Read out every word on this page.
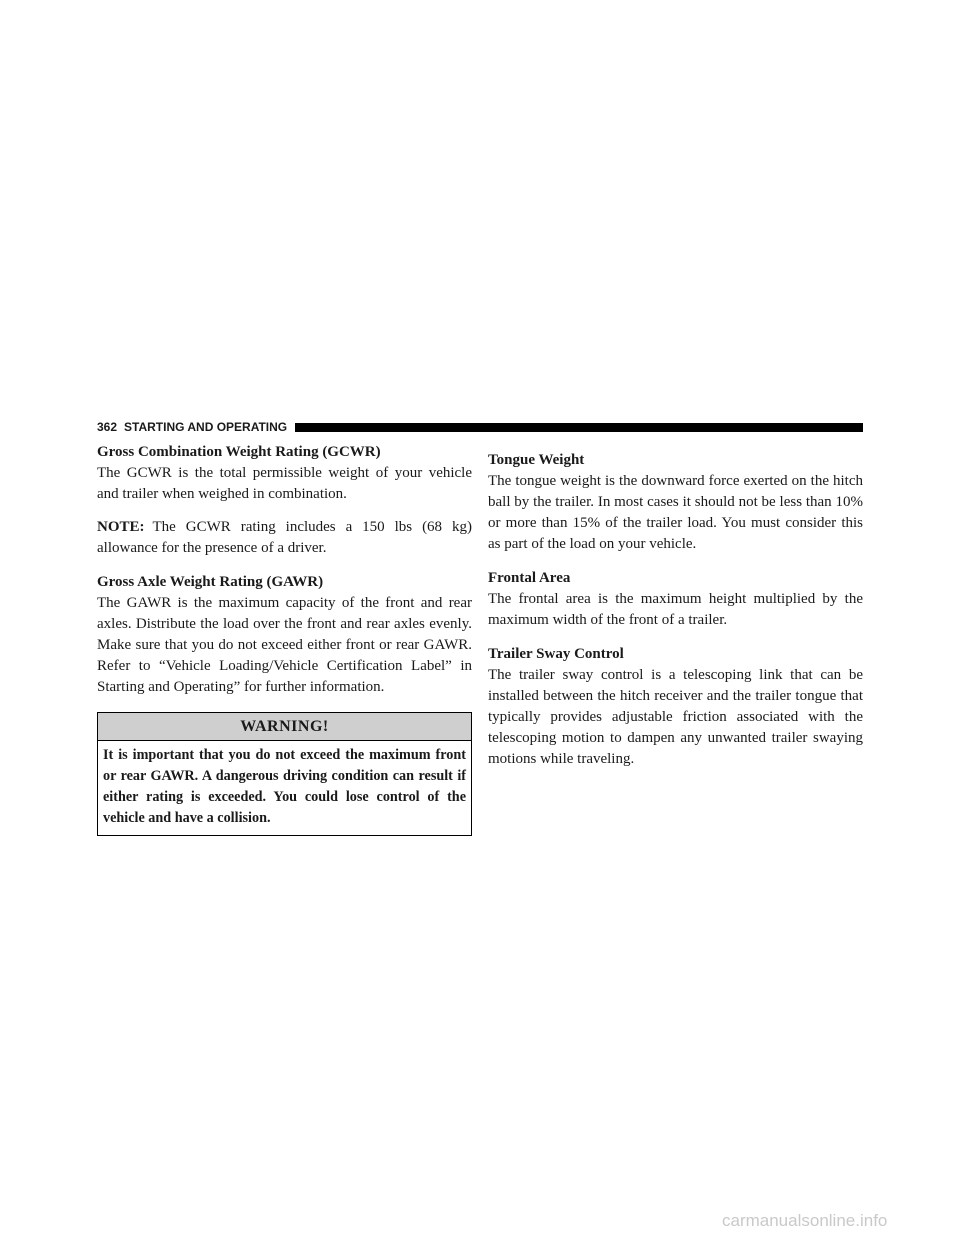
362 STARTING AND OPERATING
Gross Combination Weight Rating (GCWR)

The GCWR is the total permissible weight of your vehicle and trailer when weighed in combination.

NOTE: The GCWR rating includes a 150 lbs (68 kg) allowance for the presence of a driver.

Gross Axle Weight Rating (GAWR)

The GAWR is the maximum capacity of the front and rear axles. Distribute the load over the front and rear axles evenly. Make sure that you do not exceed either front or rear GAWR. Refer to “Vehicle Loading/Vehicle Certification Label” in Starting and Operating” for further information.

WARNING!

It is important that you do not exceed the maximum front or rear GAWR. A dangerous driving condition can result if either rating is exceeded. You could lose control of the vehicle and have a collision.

Tongue Weight

The tongue weight is the downward force exerted on the hitch ball by the trailer. In most cases it should not be less than 10% or more than 15% of the trailer load. You must consider this as part of the load on your vehicle.

Frontal Area

The frontal area is the maximum height multiplied by the maximum width of the front of a trailer.

Trailer Sway Control

The trailer sway control is a telescoping link that can be installed between the hitch receiver and the trailer tongue that typically provides adjustable friction associated with the telescoping motion to dampen any unwanted trailer swaying motions while traveling.

carmanualsonline.info
